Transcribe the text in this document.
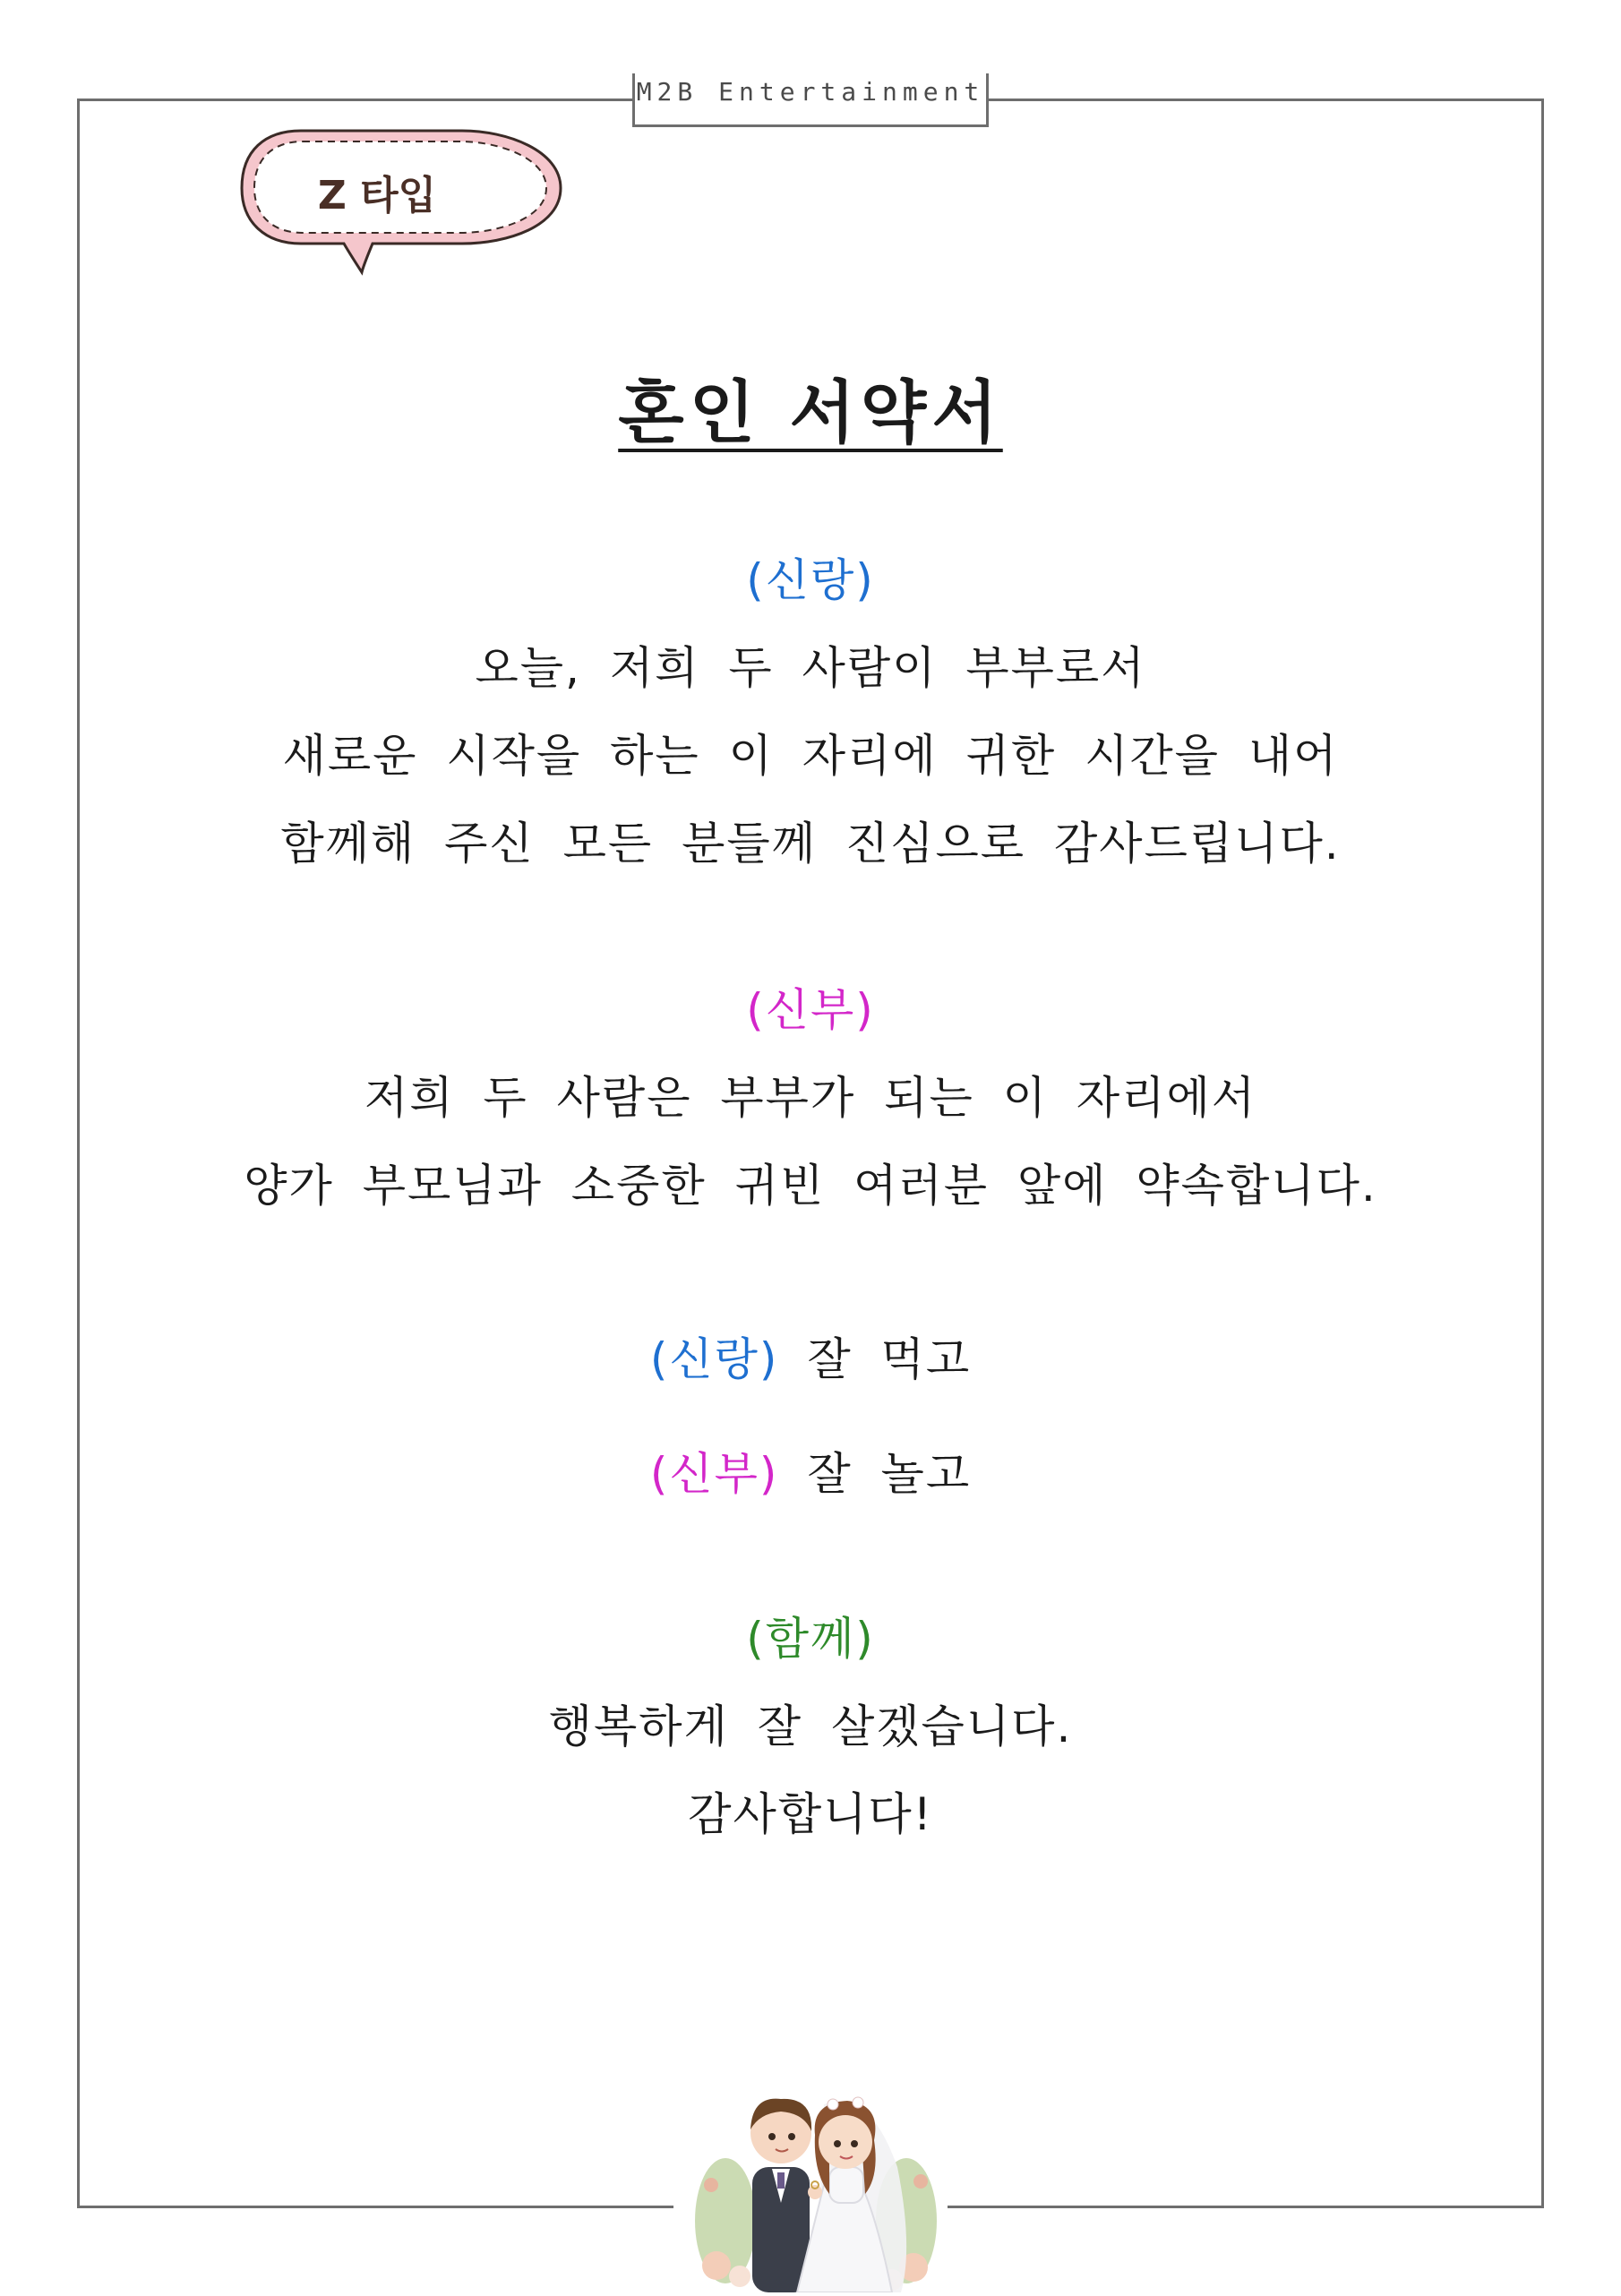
M2B Entertainment
Z 타입
혼인 서약서
(신랑)
오늘, 저희 두 사람이 부부로서
새로운 시작을 하는 이 자리에 귀한 시간을 내어
함께해 주신 모든 분들께 진심으로 감사드립니다.
(신부)
저희 두 사람은 부부가 되는 이 자리에서
양가 부모님과 소중한 귀빈 여러분 앞에 약속합니다.
(신랑) 잘 먹고
(신부) 잘 놀고
(함께)
행복하게 잘 살겠습니다.
감사합니다!
